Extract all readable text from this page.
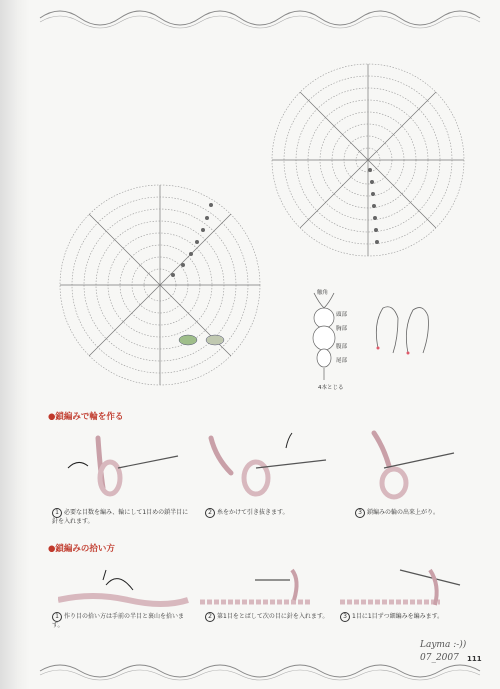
触角
頭部
胸部
腹部
尾部
4本とじる
●鎖編みで輪を作る
1 必要な目数を編み、輪にして1目めの鎖半目に針を入れます。
2 糸をかけて引き抜きます。	3 鎖編みの輪の出来上がり。
●鎖編みの拾い方
1 作り目の拾い方は手前の半目と裏山を拾います。
2 第1目をとばして次の目に針を入れます。	3 1目に1目ずつ細編みを編みます。
Layma :-))
07_2007 111
